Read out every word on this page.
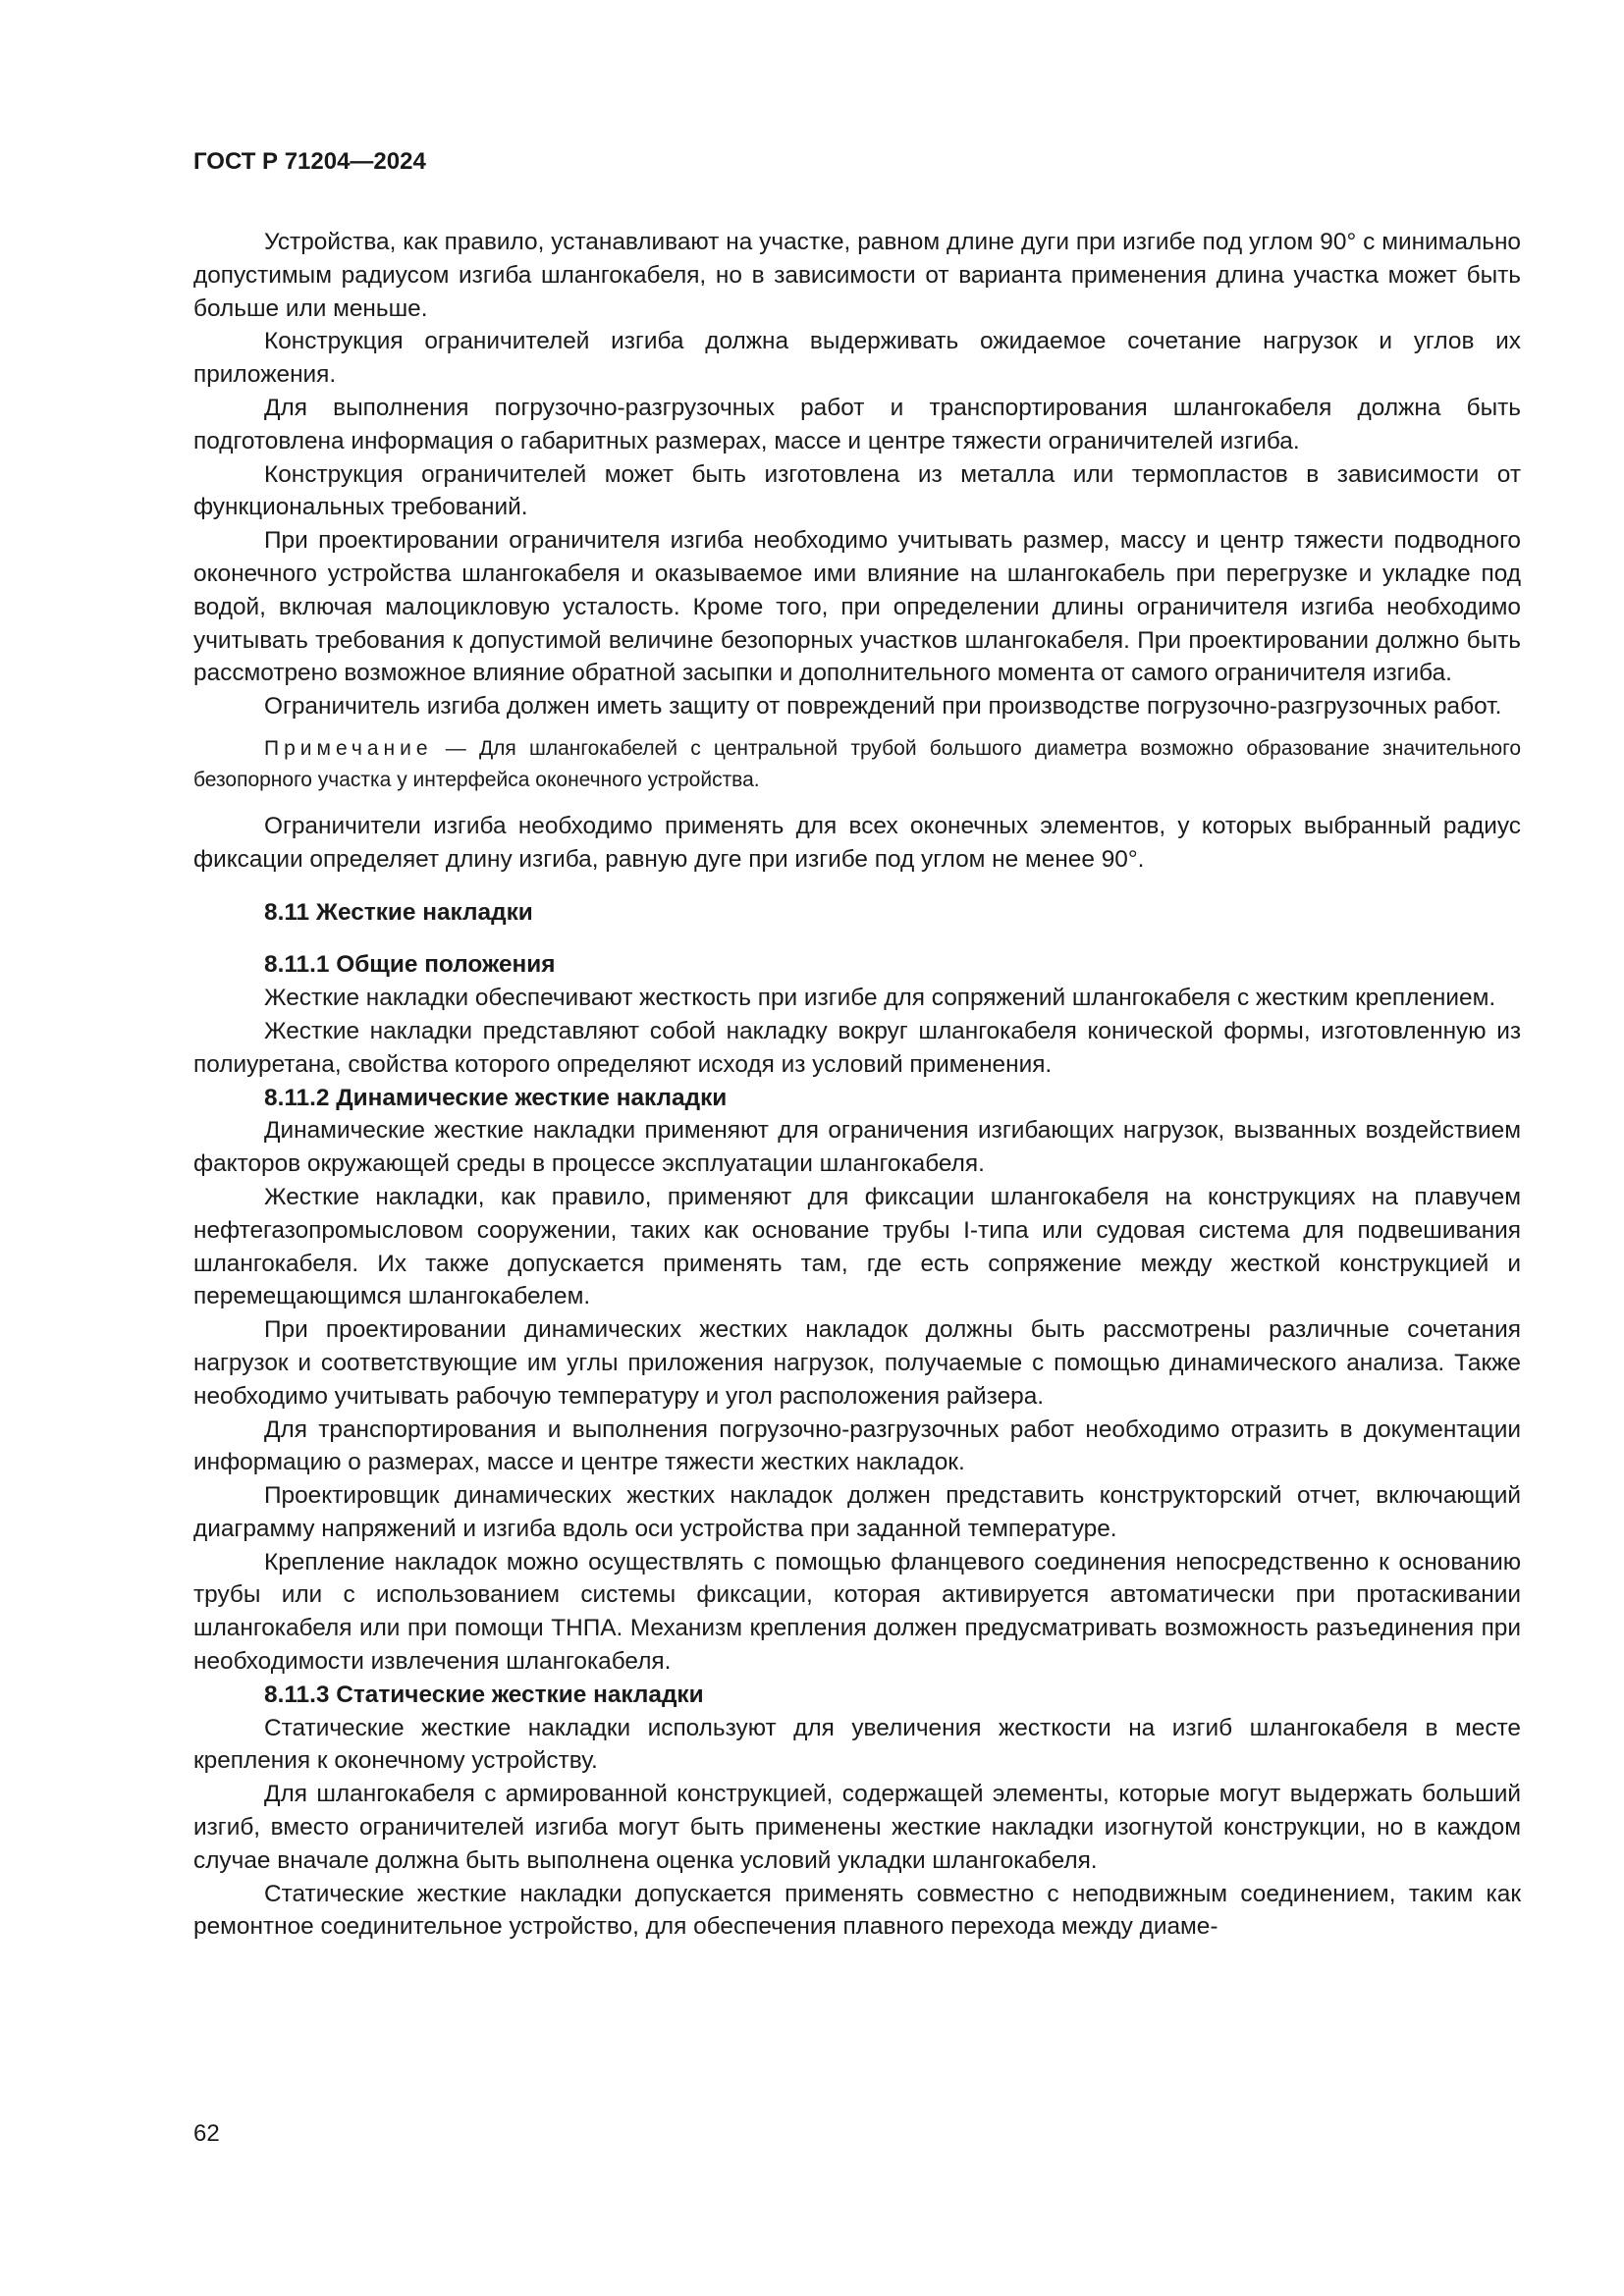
ГОСТ Р 71204—2024

Устройства, как правило, устанавливают на участке, равном длине дуги при изгибе под углом 90° с минимально допустимым радиусом изгиба шлангокабеля, но в зависимости от варианта применения длина участка может быть больше или меньше.

Конструкция ограничителей изгиба должна выдерживать ожидаемое сочетание нагрузок и углов их приложения.

Для выполнения погрузочно-разгрузочных работ и транспортирования шлангокабеля должна быть подготовлена информация о габаритных размерах, массе и центре тяжести ограничителей изгиба.

Конструкция ограничителей может быть изготовлена из металла или термопластов в зависимости от функциональных требований.

При проектировании ограничителя изгиба необходимо учитывать размер, массу и центр тяжести подводного оконечного устройства шлангокабеля и оказываемое ими влияние на шлангокабель при перегрузке и укладке под водой, включая малоцикловую усталость. Кроме того, при определении длины ограничителя изгиба необходимо учитывать требования к допустимой величине безопорных участков шлангокабеля. При проектировании должно быть рассмотрено возможное влияние обратной засыпки и дополнительного момента от самого ограничителя изгиба.

Ограничитель изгиба должен иметь защиту от повреждений при производстве погрузочно-разгрузочных работ.

Примечание — Для шлангокабелей с центральной трубой большого диаметра возможно образование значительного безопорного участка у интерфейса оконечного устройства.

Ограничители изгиба необходимо применять для всех оконечных элементов, у которых выбранный радиус фиксации определяет длину изгиба, равную дуге при изгибе под углом не менее 90°.

8.11 Жесткие накладки
8.11.1 Общие положения

Жесткие накладки обеспечивают жесткость при изгибе для сопряжений шлангокабеля с жестким креплением.

Жесткие накладки представляют собой накладку вокруг шлангокабеля конической формы, изготовленную из полиуретана, свойства которого определяют исходя из условий применения.

8.11.2 Динамические жесткие накладки

Динамические жесткие накладки применяют для ограничения изгибающих нагрузок, вызванных воздействием факторов окружающей среды в процессе эксплуатации шлангокабеля.

Жесткие накладки, как правило, применяют для фиксации шлангокабеля на конструкциях на плавучем нефтегазопромысловом сооружении, таких как основание трубы I-типа или судовая система для подвешивания шлангокабеля. Их также допускается применять там, где есть сопряжение между жесткой конструкцией и перемещающимся шлангокабелем.

При проектировании динамических жестких накладок должны быть рассмотрены различные сочетания нагрузок и соответствующие им углы приложения нагрузок, получаемые с помощью динамического анализа. Также необходимо учитывать рабочую температуру и угол расположения райзера.

Для транспортирования и выполнения погрузочно-разгрузочных работ необходимо отразить в документации информацию о размерах, массе и центре тяжести жестких накладок.

Проектировщик динамических жестких накладок должен представить конструкторский отчет, включающий диаграмму напряжений и изгиба вдоль оси устройства при заданной температуре.

Крепление накладок можно осуществлять с помощью фланцевого соединения непосредственно к основанию трубы или с использованием системы фиксации, которая активируется автоматически при протаскивании шлангокабеля или при помощи ТНПА. Механизм крепления должен предусматривать возможность разъединения при необходимости извлечения шлангокабеля.

8.11.3 Статические жесткие накладки

Статические жесткие накладки используют для увеличения жесткости на изгиб шлангокабеля в месте крепления к оконечному устройству.

Для шлангокабеля с армированной конструкцией, содержащей элементы, которые могут выдержать больший изгиб, вместо ограничителей изгиба могут быть применены жесткие накладки изогнутой конструкции, но в каждом случае вначале должна быть выполнена оценка условий укладки шлангокабеля.

Статические жесткие накладки допускается применять совместно с неподвижным соединением, таким как ремонтное соединительное устройство, для обеспечения плавного перехода между диаме-

62
